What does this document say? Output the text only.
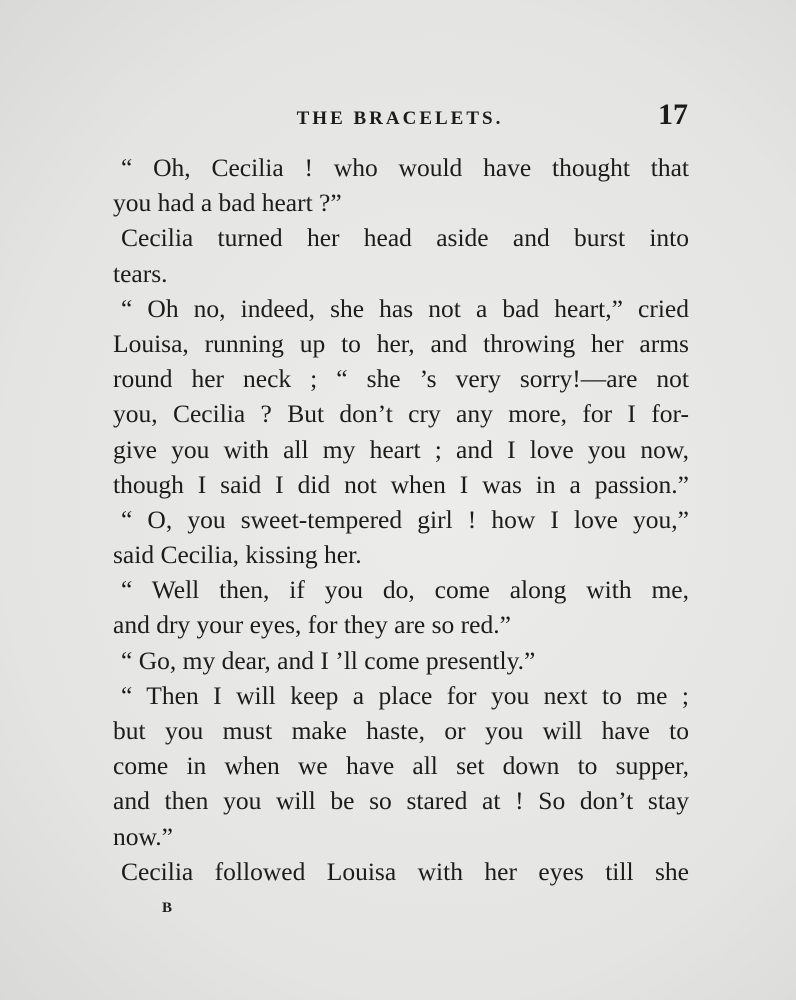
THE BRACELETS.	17
“ Oh, Cecilia ! who would have thought that
you had a bad heart ?”
Cecilia turned her head aside and burst into
tears.
“ Oh no, indeed, she has not a bad heart,” cried
Louisa, running up to her, and throwing her arms
round her neck ; “ she ’s very sorry!—are not
you, Cecilia ? But don’t cry any more, for I for-
give you with all my heart ; and I love you now,
though I said I did not when I was in a passion.”
“ O, you sweet-tempered girl ! how I love you,”
said Cecilia, kissing her.
“ Well then, if you do, come along with me,
and dry your eyes, for they are so red.”
“ Go, my dear, and I ’ll come presently.”
“ Then I will keep a place for you next to me ;
but you must make haste, or you will have to
come in when we have all set down to supper,
and then you will be so stared at ! So don’t stay
now.”
Cecilia followed Louisa with her eyes till she
B
